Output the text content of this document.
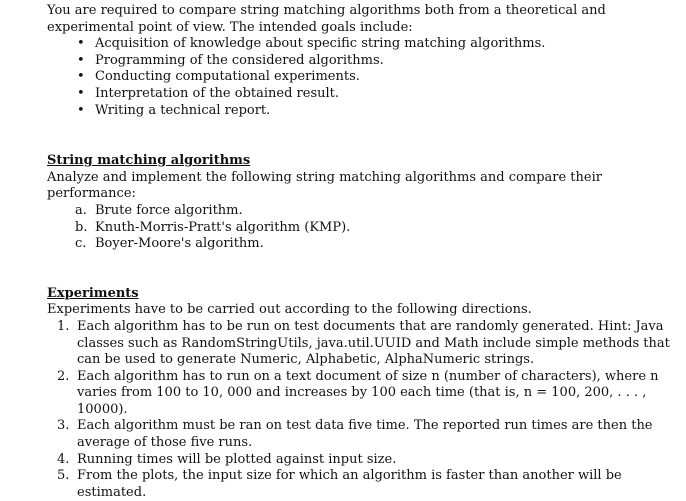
You are required to compare string matching algorithms both from a theoretical and

experimental point of view. The intended goals include:

• Acquisition of knowledge about specific string matching algorithms.
• Programming of the considered algorithms.
• Conducting computational experiments.
• Interpretation of the obtained result.
• Writing a technical report.

String matching algorithms

Analyze and implement the following string matching algorithms and compare their performance:

a. Brute force algorithm.
b. Knuth-Morris-Pratt's algorithm (KMP).
c. Boyer-Moore's algorithm.

Experiments

Experiments have to be carried out according to the following directions.

1. Each algorithm has to be run on test documents that are randomly generated. Hint: Java classes such as RandomStringUtils, java.util.UUID and Math include simple methods that can be used to generate Numeric, Alphabetic, AlphaNumeric strings.
2. Each algorithm has to run on a text document of size n (number of characters), where n varies from 100 to 10, 000 and increases by 100 each time (that is, n = 100, 200, . . . , 10000).
3. Each algorithm must be ran on test data five time. The reported run times are then the average of those five runs.
4. Running times will be plotted against input size.
5. From the plots, the input size for which an algorithm is faster than another will be estimated.
